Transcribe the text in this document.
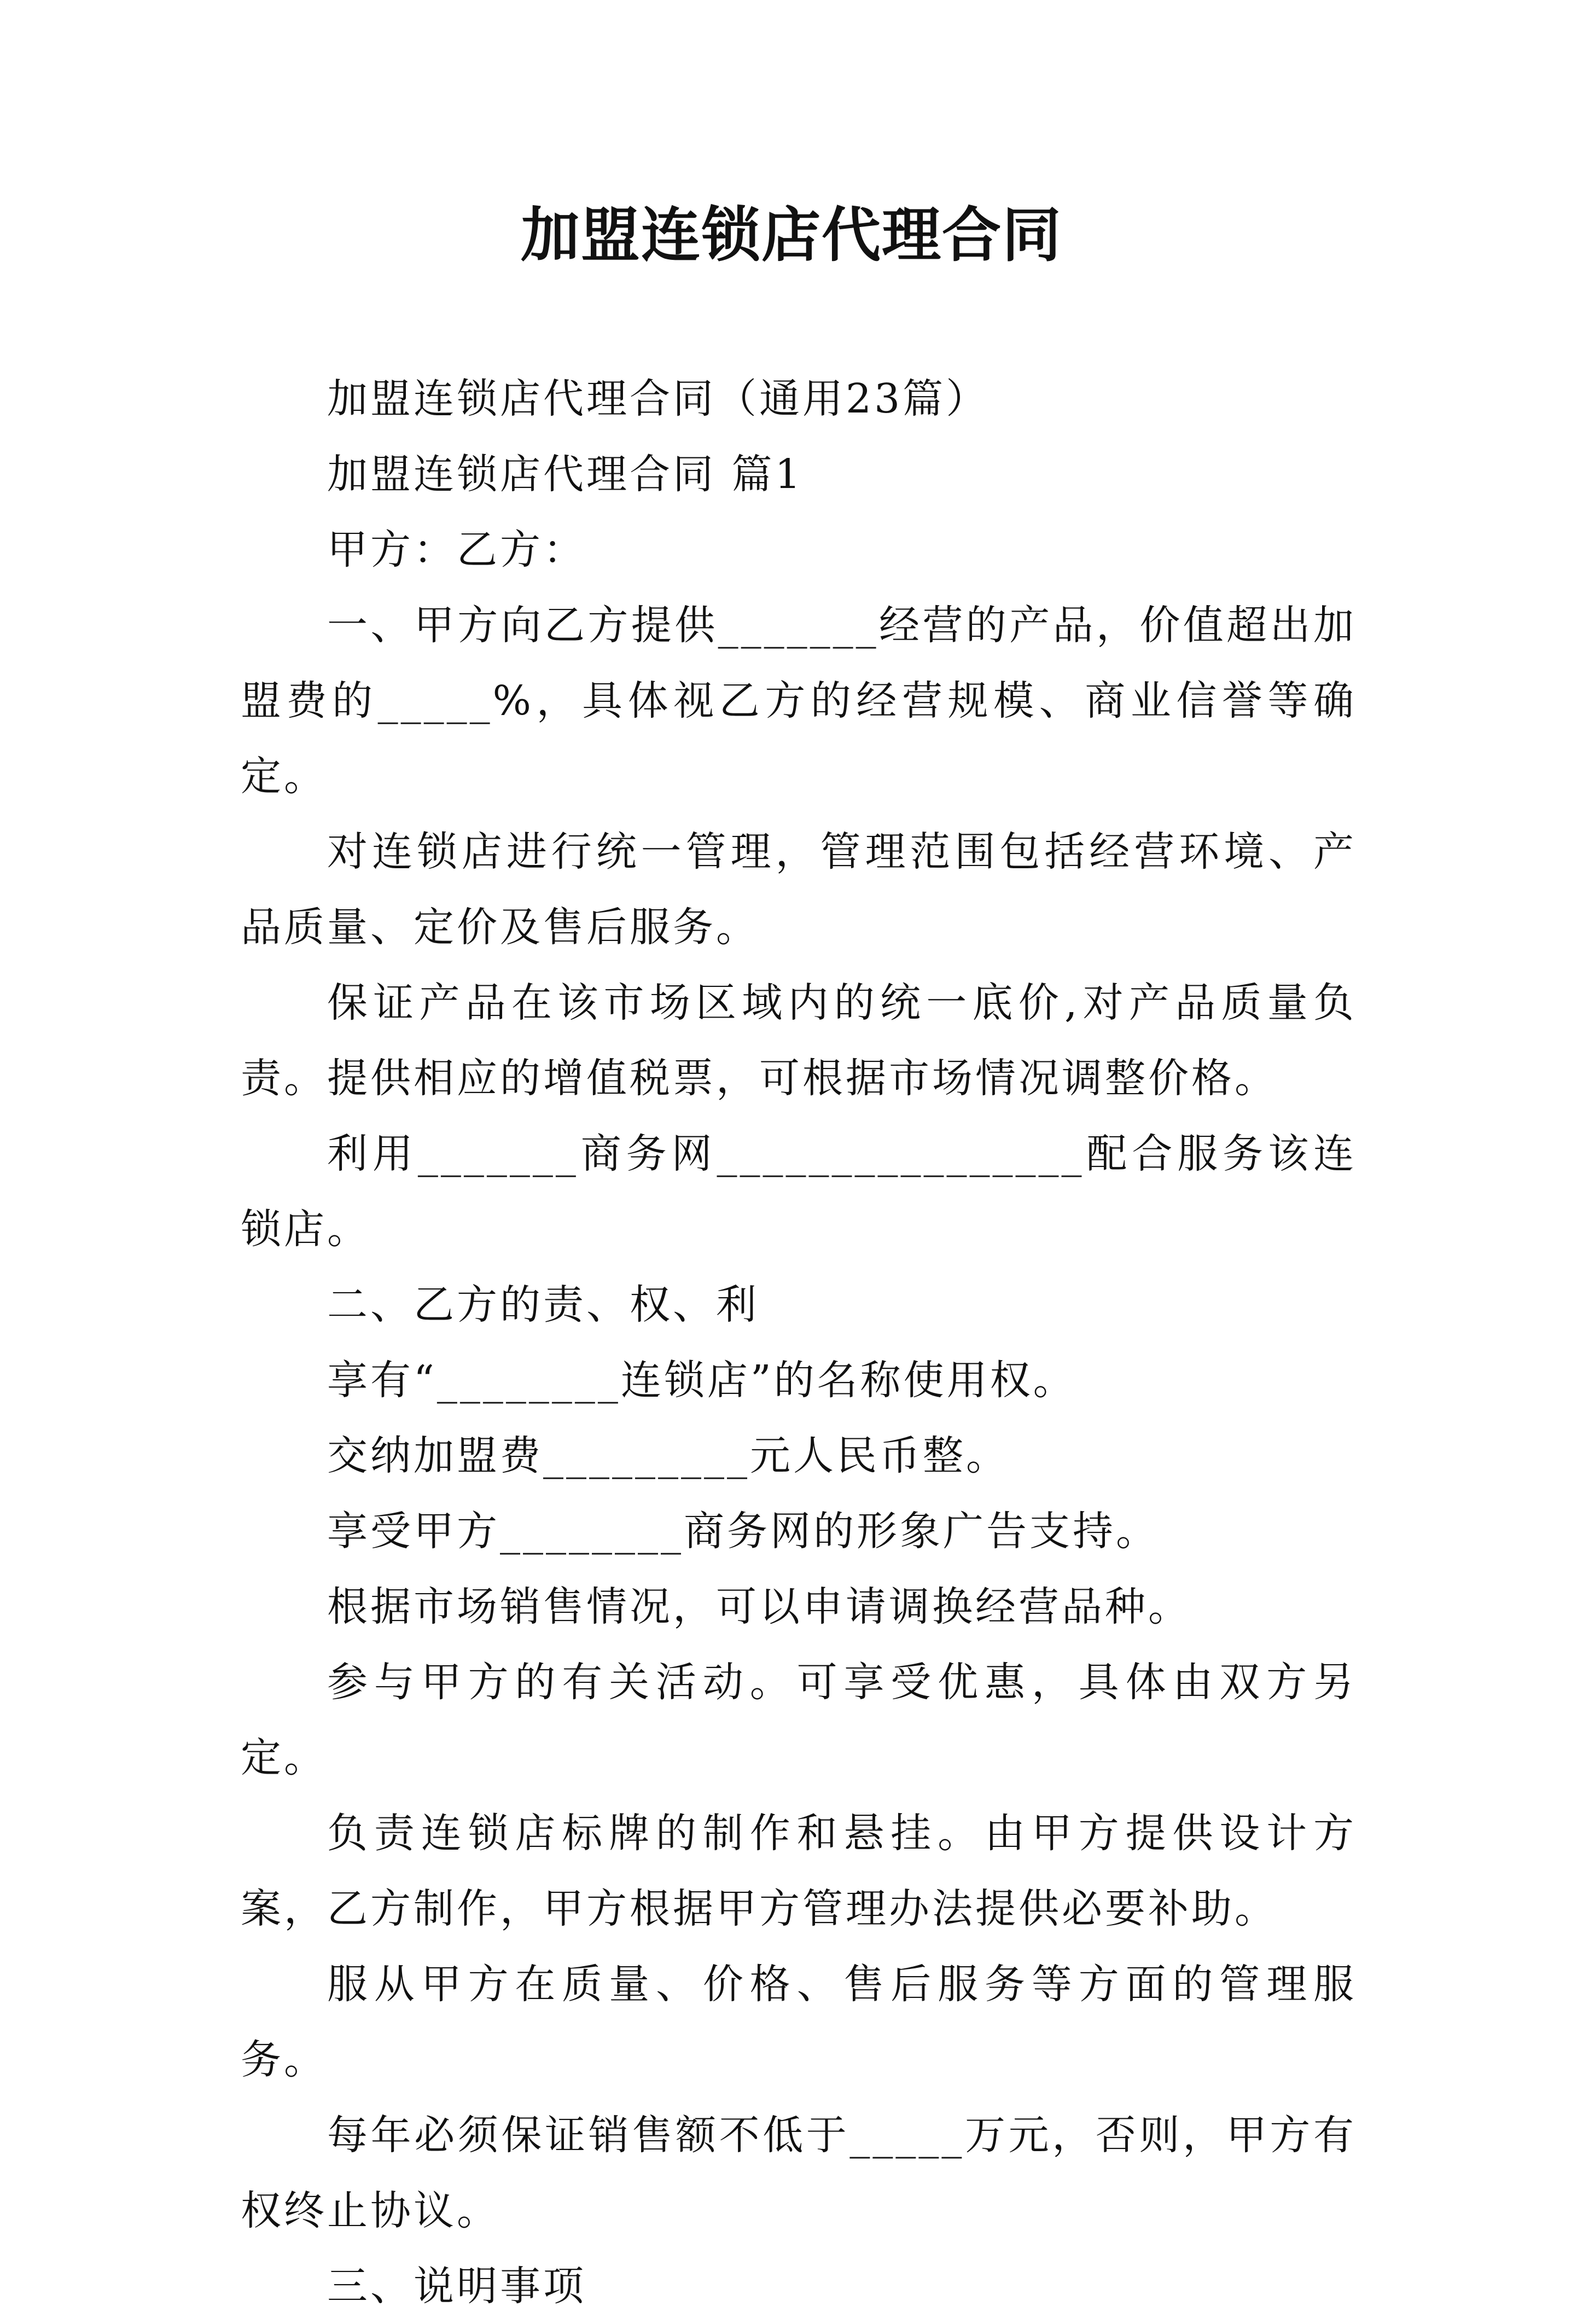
加盟连锁店代理合同

加盟连锁店代理合同（通用23篇）

加盟连锁店代理合同 篇1

甲方：乙方：

一、甲方向乙方提供_______经营的产品，价值超出加盟费的_____%，具体视乙方的经营规模、商业信誉等确定。

对连锁店进行统一管理，管理范围包括经营环境、产品质量、定价及售后服务。

保证产品在该市场区域内的统一底价,对产品质量负责。提供相应的增值税票，可根据市场情况调整价格。

利用_______商务网________________配合服务该连锁店。

二、乙方的责、权、利

享有“________连锁店”的名称使用权。

交纳加盟费_________元人民币整。

享受甲方________商务网的形象广告支持。

根据市场销售情况，可以申请调换经营品种。

参与甲方的有关活动。可享受优惠，具体由双方另定。

负责连锁店标牌的制作和悬挂。由甲方提供设计方案，乙方制作，甲方根据甲方管理办法提供必要补助。

服从甲方在质量、价格、售后服务等方面的管理服务。

每年必须保证销售额不低于_____万元，否则，甲方有权终止协议。

三、说明事项
